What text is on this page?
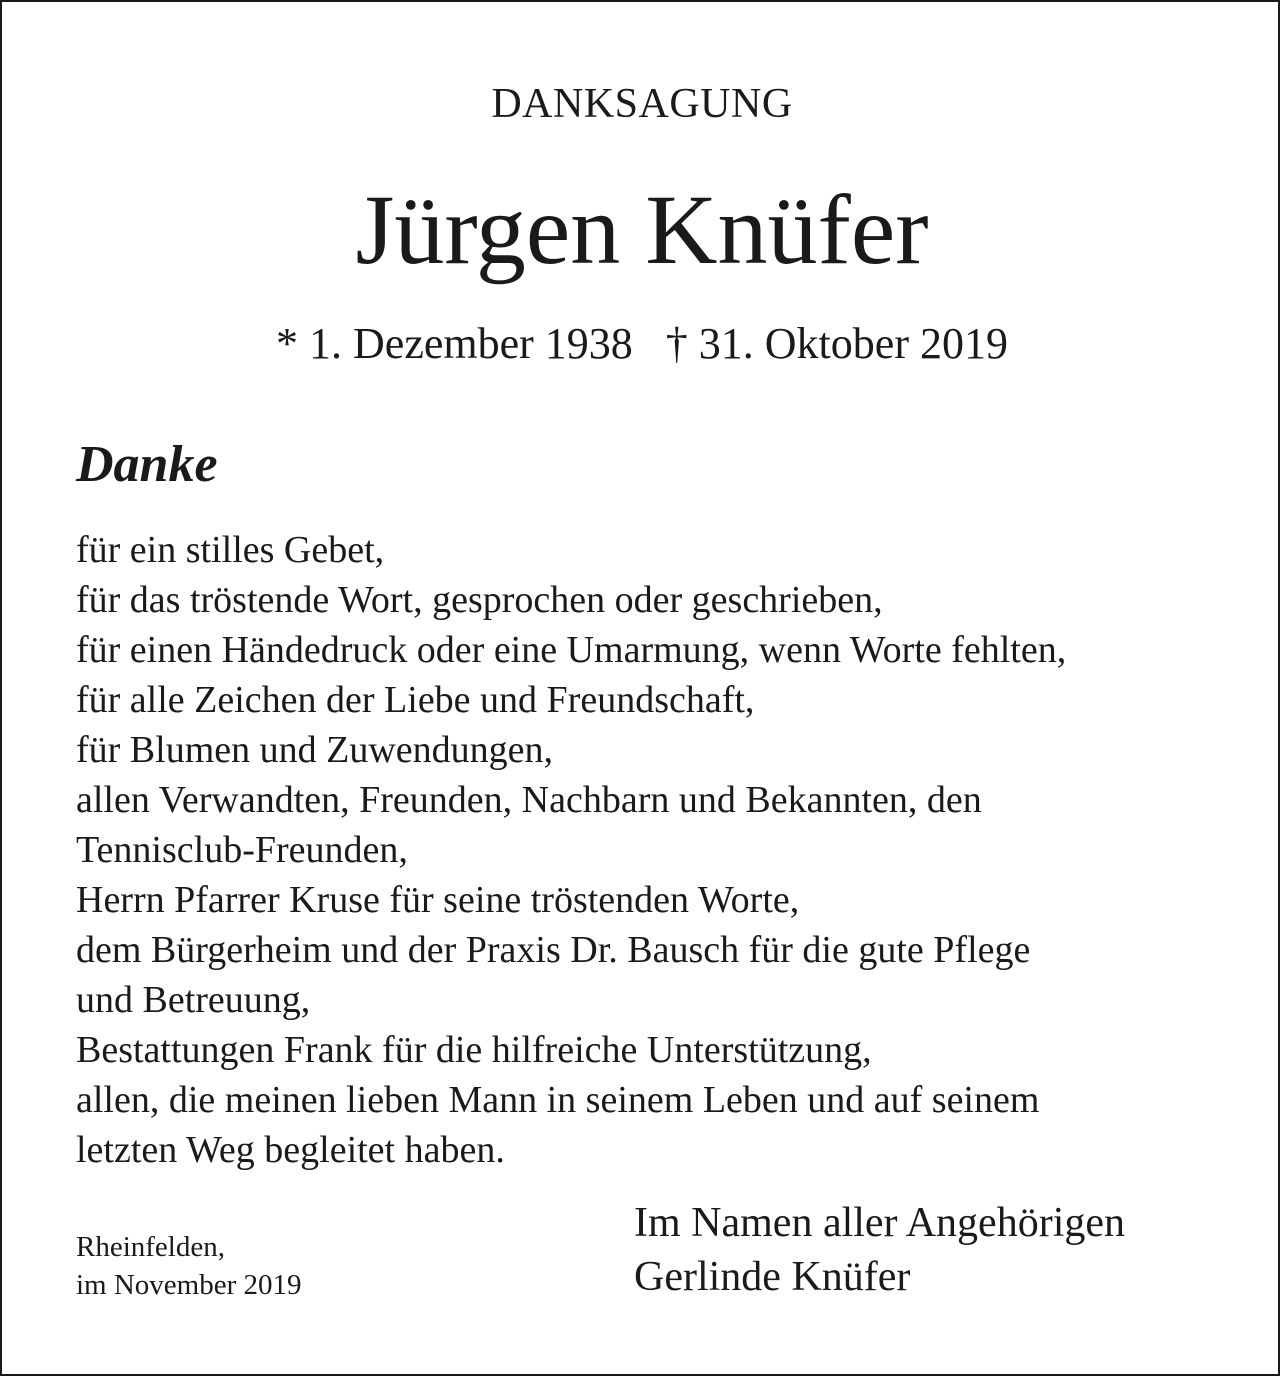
DANKSAGUNG
Jürgen Knüfer
* 1. Dezember 1938   † 31. Oktober 2019
Danke
für ein stilles Gebet,
für das tröstende Wort, gesprochen oder geschrieben,
für einen Händedruck oder eine Umarmung, wenn Worte fehlten,
für alle Zeichen der Liebe und Freundschaft,
für Blumen und Zuwendungen,
allen Verwandten, Freunden, Nachbarn und Bekannten, den
Tennisclub-Freunden,
Herrn Pfarrer Kruse für seine tröstenden Worte,
dem Bürgerheim und der Praxis Dr. Bausch für die gute Pflege
und Betreuung,
Bestattungen Frank für die hilfreiche Unterstützung,
allen, die meinen lieben Mann in seinem Leben und auf seinem
letzten Weg begleitet haben.
Rheinfelden,
im November 2019
Im Namen aller Angehörigen
Gerlinde Knüfer
